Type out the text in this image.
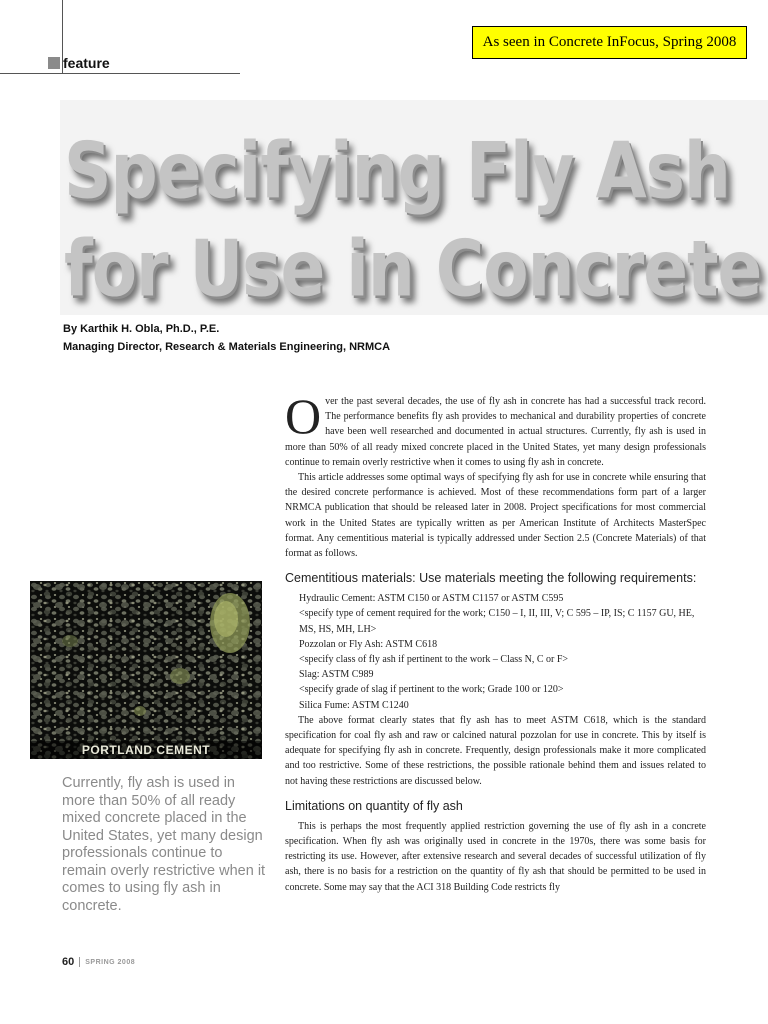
feature
As seen in Concrete InFocus, Spring 2008
Specifying Fly Ash
for Use in Concrete
By Karthik H. Obla, Ph.D., P.E.
Managing Director, Research & Materials Engineering, NRMCA
PORTLAND CEMENT
Currently, fly ash is used in more than 50% of all ready mixed concrete placed in the United States, yet many design professionals continue to remain overly restrictive when it comes to using fly ash in concrete.

Over the past several decades, the use of fly ash in concrete has had a successful track record. The performance benefits fly ash provides to mechanical and durability properties of concrete have been well researched and documented in actual structures. Currently, fly ash is used in more than 50% of all ready mixed concrete placed in the United States, yet many design professionals continue to remain overly restrictive when it comes to using fly ash in concrete.

This article addresses some optimal ways of specifying fly ash for use in concrete while ensuring that the desired concrete performance is achieved. Most of these recommendations form part of a larger NRMCA publication that should be released later in 2008. Project specifications for most commercial work in the United States are typically written as per American Institute of Architects MasterSpec format. Any cementitious material is typically addressed under Section 2.5 (Concrete Materials) of that format as follows.

Cementitious materials: Use materials meeting the following requirements:
Hydraulic Cement: ASTM C150 or ASTM C1157 or ASTM C595
<specify type of cement required for the work; C150 – I, II, III, V; C 595 – IP, IS; C 1157 GU, HE, MS, HS, MH, LH>
Pozzolan or Fly Ash: ASTM C618
<specify class of fly ash if pertinent to the work – Class N, C or F>
Slag: ASTM C989
<specify grade of slag if pertinent to the work; Grade 100 or 120>
Silica Fume: ASTM C1240

The above format clearly states that fly ash has to meet ASTM C618, which is the standard specification for coal fly ash and raw or calcined natural pozzolan for use in concrete. This by itself is adequate for specifying fly ash in concrete. Frequently, design professionals make it more complicated and too restrictive. Some of these restrictions, the possible rationale behind them and issues related to not having these restrictions are discussed below.

Limitations on quantity of fly ash

This is perhaps the most frequently applied restriction governing the use of fly ash in a concrete specification. When fly ash was originally used in concrete in the 1970s, there was some basis for restricting its use. However, after extensive research and several decades of successful utilization of fly ash, there is no basis for a restriction on the quantity of fly ash that should be permitted to be used in concrete. Some may say that the ACI 318 Building Code restricts fly

60 SPRING 2008
